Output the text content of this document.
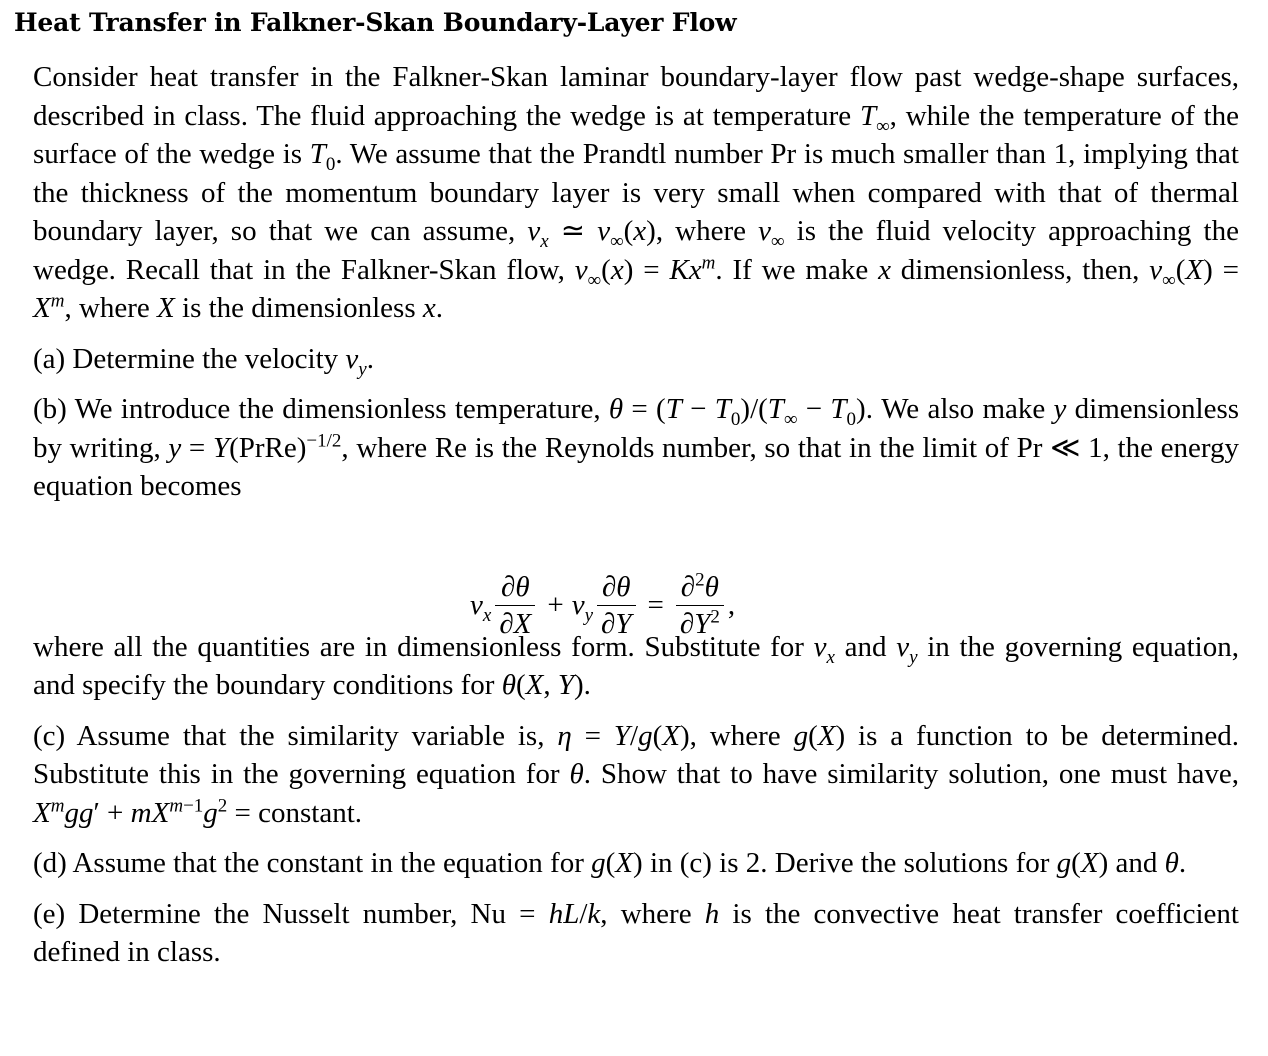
Heat Transfer in Falkner-Skan Boundary-Layer Flow

Consider heat transfer in the Falkner-Skan laminar boundary-layer flow past wedge-shape surfaces, described in class. The fluid approaching the wedge is at temperature $T_\infty$, while the temperature of the surface of the wedge is $T_0$. We assume that the Prandtl number Pr is much smaller than 1, implying that the thickness of the momentum boundary layer is very small when compared with that of thermal boundary layer, so that we can assume, $v_x$ ≃ $v_\infty(x)$, where $v_\infty$ is the fluid velocity approaching the wedge. Recall that in the Falkner-Skan flow, $v_\infty(x) = Kx^m$. If we make x dimensionless, then, $v_\infty(X) = X^m$, where X is the dimensionless x.

(a) Determine the velocity $v_y$.

(b) We introduce the dimensionless temperature, $\theta = (T - T_0)/(T_\infty - T_0)$. We also make y dimensionless by writing, y = Y(PrRe)$^{-1/2}$, where Re is the Reynolds number, so that in the limit of Pr ≪ 1, the energy equation becomes

where all the quantities are in dimensionless form. Substitute for $v_x$ and $v_y$ in the governing equation, and specify the boundary conditions for θ(X, Y).

(c) Assume that the similarity variable is, η = Y/g(X), where g(X) is a function to be determined. Substitute this in the governing equation for θ. Show that to have similarity solution, one must have, $X^mgg' + mX^{m-1}g^2$ = constant.

(d) Assume that the constant in the equation for g(X) in (c) is 2. Derive the solutions for g(X) and θ.

(e) Determine the Nusselt number, Nu = hL/k, where h is the convective heat transfer coefficient defined in class.

$v_x \frac{\partial\theta}{\partial X} + v_y \frac{\partial\theta}{\partial Y} = \frac{\partial^2\theta}{\partial Y^2}$ ,
